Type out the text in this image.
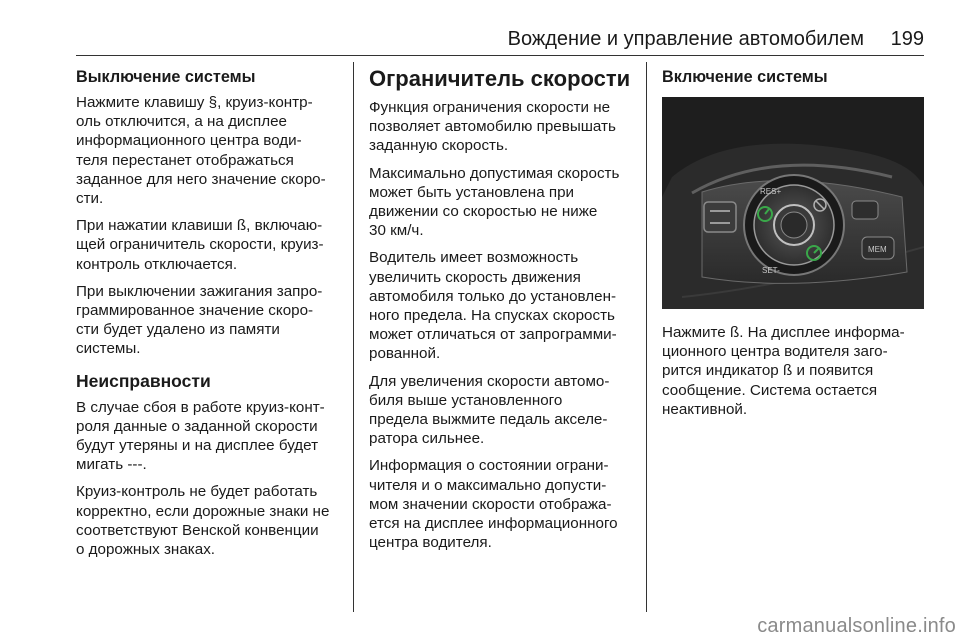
Вождение и управление автомобилем 199
Выключение системы

Нажмите клавишу §, круиз-контр-
оль отключится, а на дисплее
информационного центра води-
теля перестанет отображаться
заданное для него значение скоро-
сти.

При нажатии клавиши ß, включаю-
щей ограничитель скорости, круиз-
контроль отключается.

При выключении зажигания запро-
граммированное значение скоро-
сти будет удалено из памяти
системы.

Неисправности

В случае сбоя в работе круиз-конт-
роля данные о заданной скорости
будут утеряны и на дисплее будет
мигать ---.

Круиз-контроль не будет работать
корректно, если дорожные знаки не
соответствуют Венской конвенции
о дорожных знаках.

Ограничитель скорости

Функция ограничения скорости не
позволяет автомобилю превышать
заданную скорость.

Максимально допустимая скорость
может быть установлена при
движении со скоростью не ниже
30 км/ч.

Водитель имеет возможность
увеличить скорость движения
автомобиля только до установлен-
ного предела. На спусках скорость
может отличаться от запрограмми-
рованной.

Для увеличения скорости автомо-
биля выше установленного
предела выжмите педаль акселе-
ратора сильнее.

Информация о состоянии ограни-
чителя и о максимально допусти-
мом значении скорости отобража-
ется на дисплее информационного
центра водителя.

Включение системы
RES+
SET-
MEM

Нажмите ß. На дисплее информа-
ционного центра водителя заго-
рится индикатор ß и появится
сообщение. Система остается
неактивной.

carmanualsonline.info
